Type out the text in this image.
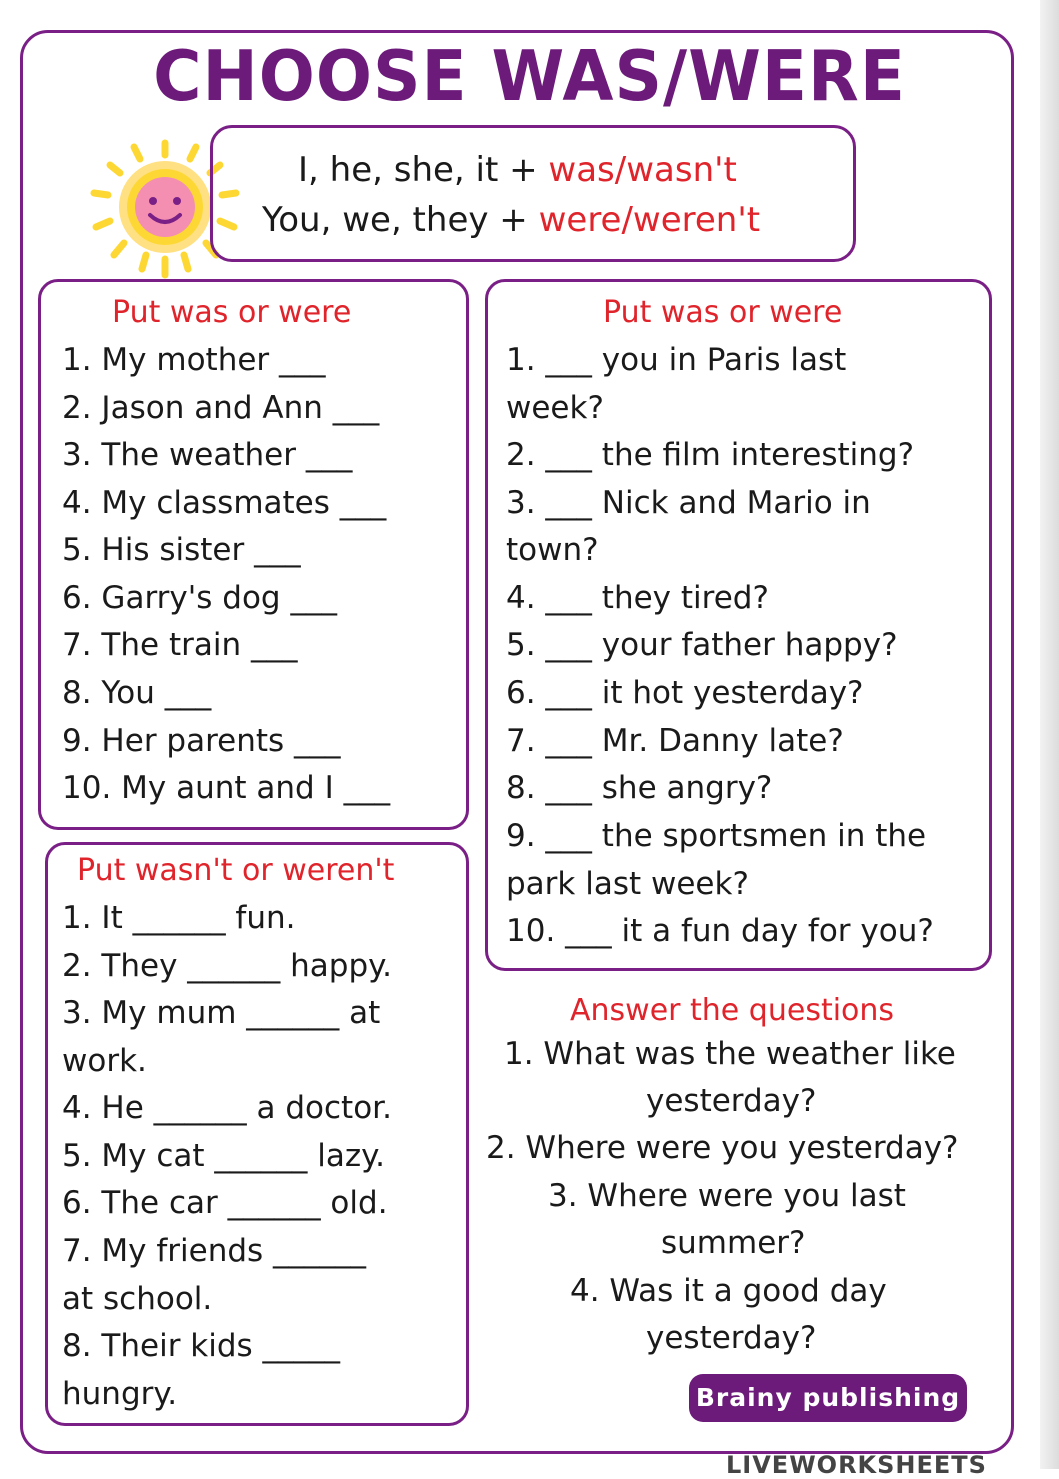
CHOOSE WAS/WERE
I, he, she, it + was/wasn't
You, we, they + were/weren't
Put was or were
1. My mother ___
2. Jason and Ann ___
3. The weather ___
4. My classmates ___
5. His sister ___
6. Garry's dog ___
7. The train ___
8. You ___
9. Her parents ___
10. My aunt and I ___
Put was or were
1. ___ you in Paris last
week?
2. ___ the film interesting?
3. ___ Nick and Mario in
town?
4. ___ they tired?
5. ___ your father happy?
6. ___ it hot yesterday?
7. ___ Mr. Danny late?
8. ___ she angry?
9. ___ the sportsmen in the
park last week?
10. ___ it a fun day for you?
Put wasn't or weren't
1. It ______ fun.
2. They ______ happy.
3. My mum ______ at
work.
4. He ______ a doctor.
5. My cat ______ lazy.
6. The car ______ old.
7. My friends ______
at school.
8. Their kids _____
hungry.
Answer the questions
1. What was the weather like
yesterday?
2. Where were you yesterday?
3. Where were you last
summer?
4. Was it a good day
yesterday?
Brainy publishing
LIVEWORKSHEETS
